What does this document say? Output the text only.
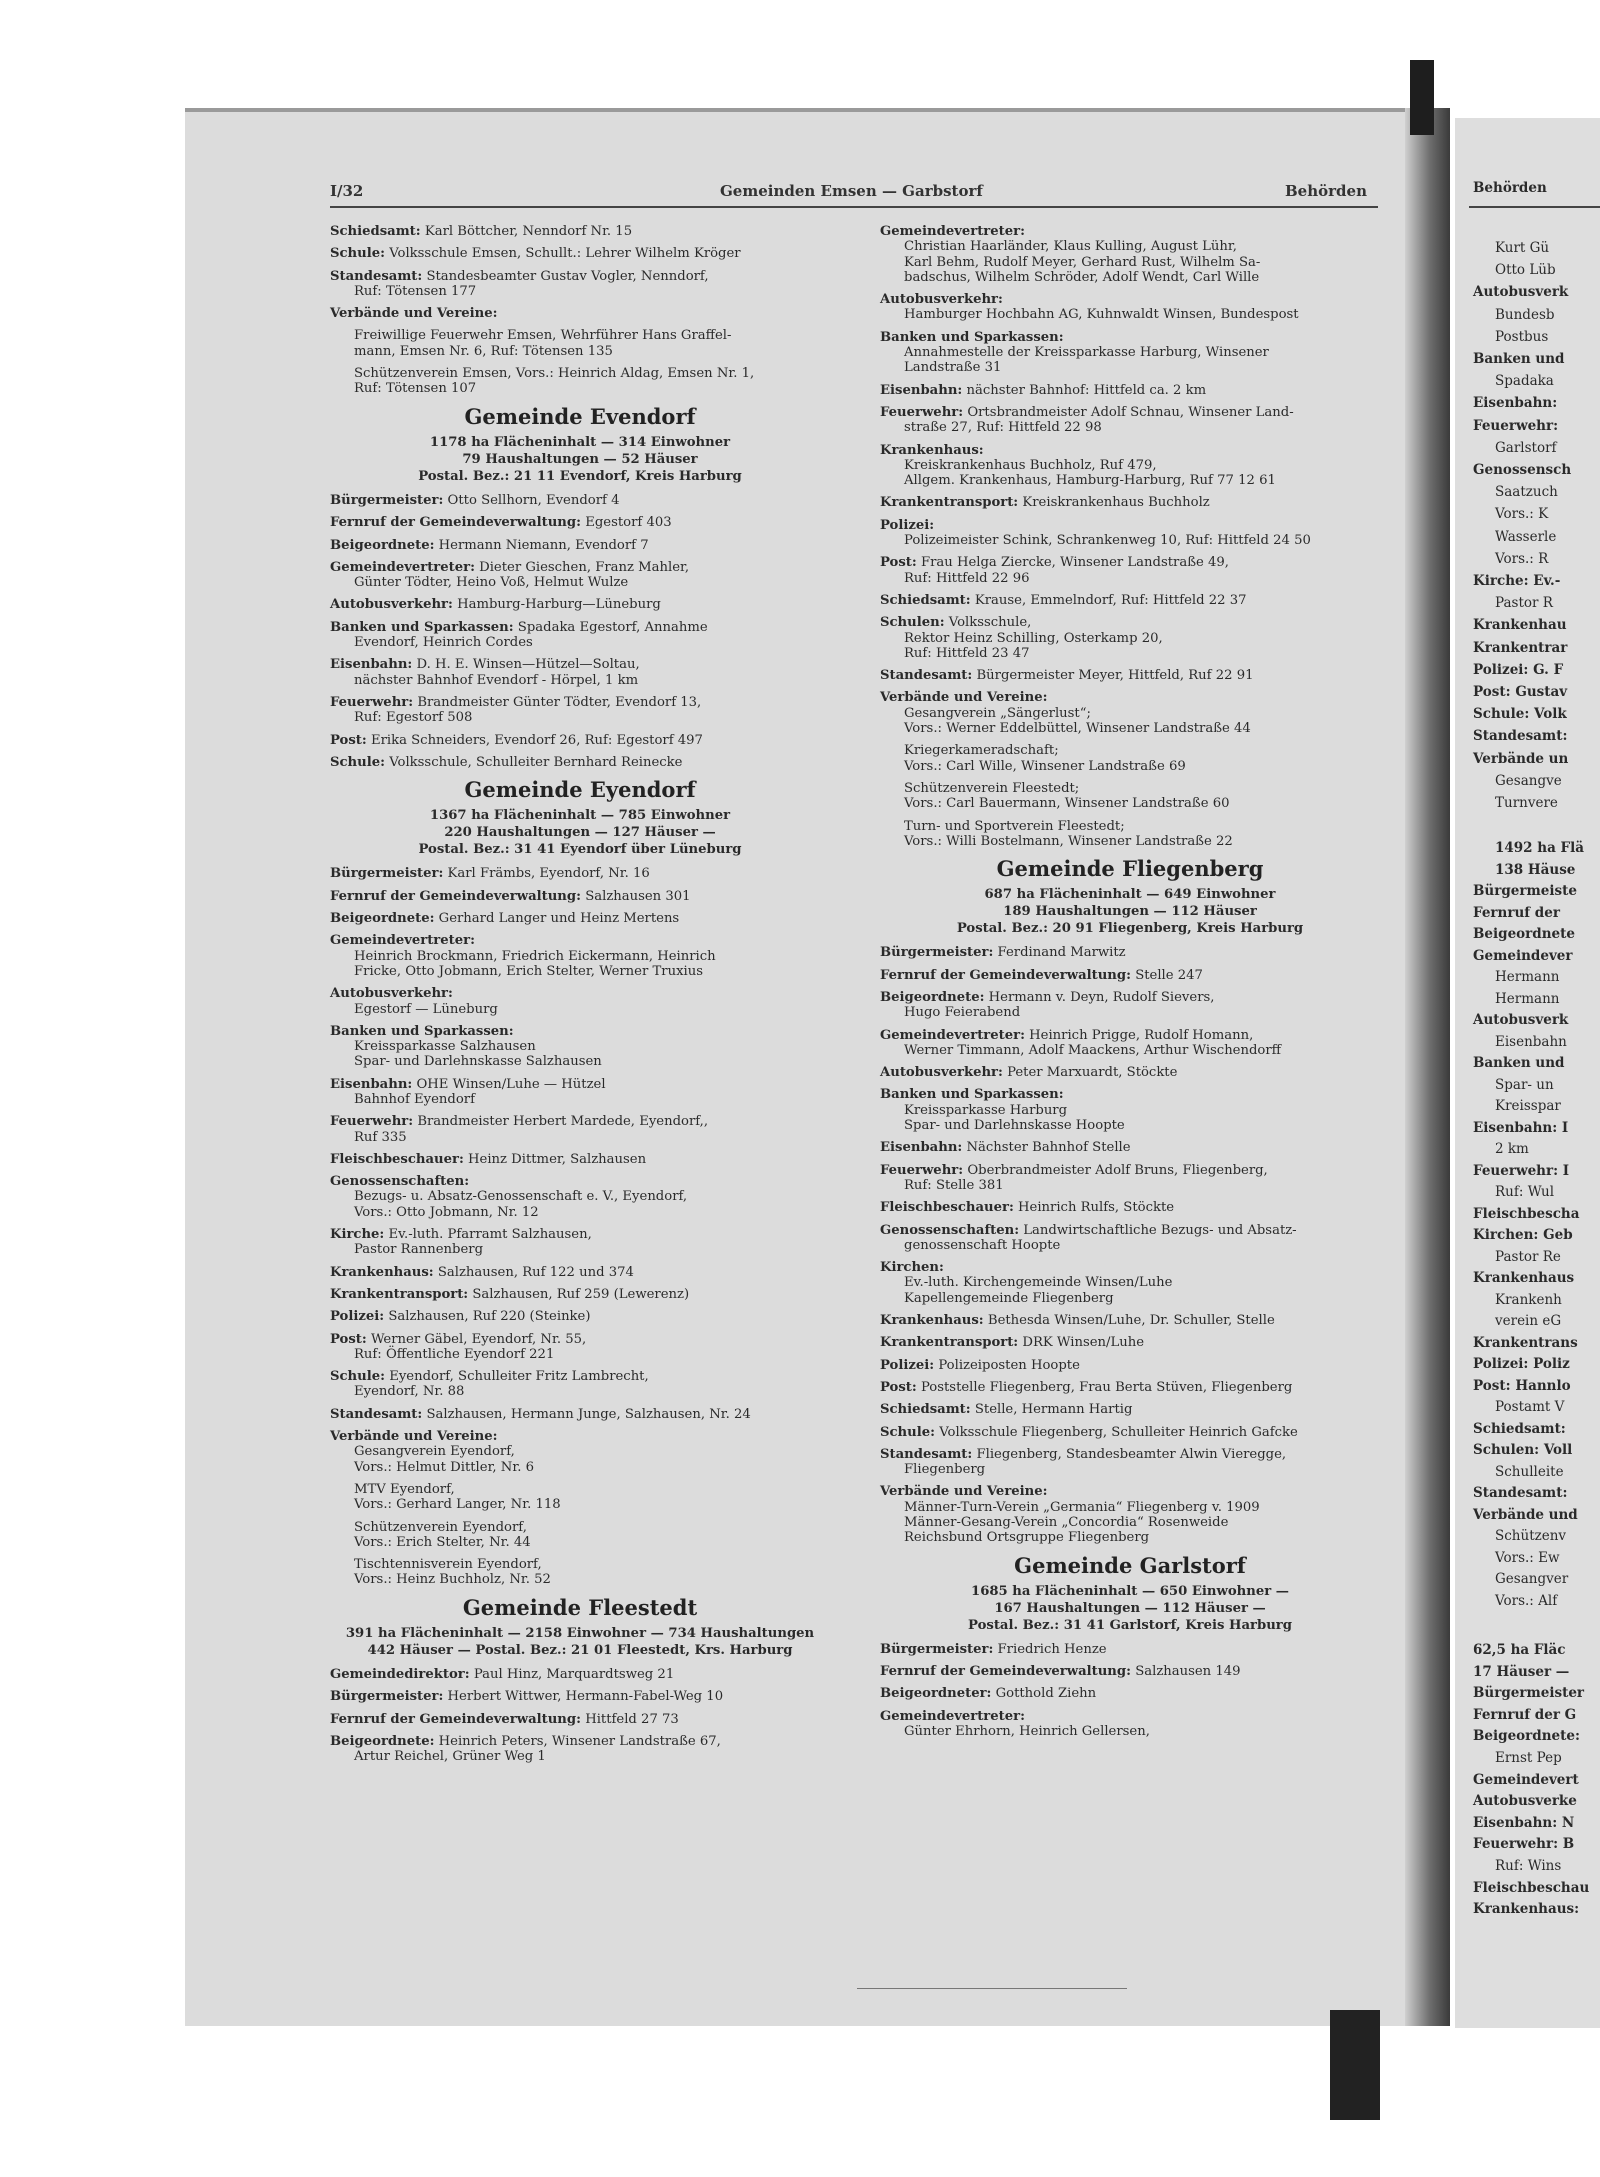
I/32	Gemeinden Emsen — Garbstorf	Behörden
Schiedsamt: Karl Böttcher, Nenndorf Nr. 15
Schule: Volksschule Emsen, Schullt.: Lehrer Wilhelm Kröger
Standesamt: Standesbeamter Gustav Vogler, Nenndorf,
Ruf: Tötensen 177
Verbände und Vereine:
Freiwillige Feuerwehr Emsen, Wehrführer Hans Graffel-
mann, Emsen Nr. 6, Ruf: Tötensen 135
Schützenverein Emsen, Vors.: Heinrich Aldag, Emsen Nr. 1,
Ruf: Tötensen 107
Gemeinde Evendorf
1178 ha Flächeninhalt — 314 Einwohner
79 Haushaltungen — 52 Häuser
Postal. Bez.: 21 11 Evendorf, Kreis Harburg
Bürgermeister: Otto Sellhorn, Evendorf 4
Fernruf der Gemeindeverwaltung: Egestorf 403
Beigeordnete: Hermann Niemann, Evendorf 7
Gemeindevertreter: Dieter Gieschen, Franz Mahler,
Günter Tödter, Heino Voß, Helmut Wulze
Autobusverkehr: Hamburg-Harburg—Lüneburg
Banken und Sparkassen: Spadaka Egestorf, Annahme
Evendorf, Heinrich Cordes
Eisenbahn: D. H. E. Winsen—Hützel—Soltau,
nächster Bahnhof Evendorf - Hörpel, 1 km
Feuerwehr: Brandmeister Günter Tödter, Evendorf 13,
Ruf: Egestorf 508
Post: Erika Schneiders, Evendorf 26, Ruf: Egestorf 497
Schule: Volksschule, Schulleiter Bernhard Reinecke
Gemeinde Eyendorf
1367 ha Flächeninhalt — 785 Einwohner
220 Haushaltungen — 127 Häuser —
Postal. Bez.: 31 41 Eyendorf über Lüneburg
Bürgermeister: Karl Främbs, Eyendorf, Nr. 16
Fernruf der Gemeindeverwaltung: Salzhausen 301
Beigeordnete: Gerhard Langer und Heinz Mertens
Gemeindevertreter:
Heinrich Brockmann, Friedrich Eickermann, Heinrich
Fricke, Otto Jobmann, Erich Stelter, Werner Truxius
Autobusverkehr:
Egestorf — Lüneburg
Banken und Sparkassen:
Kreissparkasse Salzhausen
Spar- und Darlehnskasse Salzhausen
Eisenbahn: OHE Winsen/Luhe — Hützel
Bahnhof Eyendorf
Feuerwehr: Brandmeister Herbert Mardede, Eyendorf,,
Ruf 335
Fleischbeschauer: Heinz Dittmer, Salzhausen
Genossenschaften:
Bezugs- u. Absatz-Genossenschaft e. V., Eyendorf,
Vors.: Otto Jobmann, Nr. 12
Kirche: Ev.-luth. Pfarramt Salzhausen,
Pastor Rannenberg
Krankenhaus: Salzhausen, Ruf 122 und 374
Krankentransport: Salzhausen, Ruf 259 (Lewerenz)
Polizei: Salzhausen, Ruf 220 (Steinke)
Post: Werner Gäbel, Eyendorf, Nr. 55,
Ruf: Öffentliche Eyendorf 221
Schule: Eyendorf, Schulleiter Fritz Lambrecht,
Eyendorf, Nr. 88
Standesamt: Salzhausen, Hermann Junge, Salzhausen, Nr. 24
Verbände und Vereine:
Gesangverein Eyendorf,
Vors.: Helmut Dittler, Nr. 6
MTV Eyendorf,
Vors.: Gerhard Langer, Nr. 118
Schützenverein Eyendorf,
Vors.: Erich Stelter, Nr. 44
Tischtennisverein Eyendorf,
Vors.: Heinz Buchholz, Nr. 52
Gemeinde Fleestedt
391 ha Flächeninhalt — 2158 Einwohner — 734 Haushaltungen
442 Häuser — Postal. Bez.: 21 01 Fleestedt, Krs. Harburg
Gemeindedirektor: Paul Hinz, Marquardtsweg 21
Bürgermeister: Herbert Wittwer, Hermann-Fabel-Weg 10
Fernruf der Gemeindeverwaltung: Hittfeld 27 73
Beigeordnete: Heinrich Peters, Winsener Landstraße 67,
Artur Reichel, Grüner Weg 1
Gemeindevertreter:
Christian Haarländer, Klaus Kulling, August Lühr,
Karl Behm, Rudolf Meyer, Gerhard Rust, Wilhelm Sa-
badschus, Wilhelm Schröder, Adolf Wendt, Carl Wille
Autobusverkehr:
Hamburger Hochbahn AG, Kuhnwaldt Winsen, Bundespost
Banken und Sparkassen:
Annahmestelle der Kreissparkasse Harburg, Winsener
Landstraße 31
Eisenbahn: nächster Bahnhof: Hittfeld ca. 2 km
Feuerwehr: Ortsbrandmeister Adolf Schnau, Winsener Land-
straße 27, Ruf: Hittfeld 22 98
Krankenhaus:
Kreiskrankenhaus Buchholz, Ruf 479,
Allgem. Krankenhaus, Hamburg-Harburg, Ruf 77 12 61
Krankentransport: Kreiskrankenhaus Buchholz
Polizei:
Polizeimeister Schink, Schrankenweg 10, Ruf: Hittfeld 24 50
Post: Frau Helga Ziercke, Winsener Landstraße 49,
Ruf: Hittfeld 22 96
Schiedsamt: Krause, Emmelndorf, Ruf: Hittfeld 22 37
Schulen: Volksschule,
Rektor Heinz Schilling, Osterkamp 20,
Ruf: Hittfeld 23 47
Standesamt: Bürgermeister Meyer, Hittfeld, Ruf 22 91
Verbände und Vereine:
Gesangverein „Sängerlust“;
Vors.: Werner Eddelbüttel, Winsener Landstraße 44
Kriegerkameradschaft;
Vors.: Carl Wille, Winsener Landstraße 69
Schützenverein Fleestedt;
Vors.: Carl Bauermann, Winsener Landstraße 60
Turn- und Sportverein Fleestedt;
Vors.: Willi Bostelmann, Winsener Landstraße 22
Gemeinde Fliegenberg
687 ha Flächeninhalt — 649 Einwohner
189 Haushaltungen — 112 Häuser
Postal. Bez.: 20 91 Fliegenberg, Kreis Harburg
Bürgermeister: Ferdinand Marwitz
Fernruf der Gemeindeverwaltung: Stelle 247
Beigeordnete: Hermann v. Deyn, Rudolf Sievers,
Hugo Feierabend
Gemeindevertreter: Heinrich Prigge, Rudolf Homann,
Werner Timmann, Adolf Maackens, Arthur Wischendorff
Autobusverkehr: Peter Marxuardt, Stöckte
Banken und Sparkassen:
Kreissparkasse Harburg
Spar- und Darlehnskasse Hoopte
Eisenbahn: Nächster Bahnhof Stelle
Feuerwehr: Oberbrandmeister Adolf Bruns, Fliegenberg,
Ruf: Stelle 381
Fleischbeschauer: Heinrich Rulfs, Stöckte
Genossenschaften: Landwirtschaftliche Bezugs- und Absatz-
genossenschaft Hoopte
Kirchen:
Ev.-luth. Kirchengemeinde Winsen/Luhe
Kapellengemeinde Fliegenberg
Krankenhaus: Bethesda Winsen/Luhe, Dr. Schuller, Stelle
Krankentransport: DRK Winsen/Luhe
Polizei: Polizeiposten Hoopte
Post: Poststelle Fliegenberg, Frau Berta Stüven, Fliegenberg
Schiedsamt: Stelle, Hermann Hartig
Schule: Volksschule Fliegenberg, Schulleiter Heinrich Gafcke
Standesamt: Fliegenberg, Standesbeamter Alwin Vieregge,
Fliegenberg
Verbände und Vereine:
Männer-Turn-Verein „Germania“ Fliegenberg v. 1909
Männer-Gesang-Verein „Concordia“ Rosenweide
Reichsbund Ortsgruppe Fliegenberg
Gemeinde Garlstorf
1685 ha Flächeninhalt — 650 Einwohner —
167 Haushaltungen — 112 Häuser —
Postal. Bez.: 31 41 Garlstorf, Kreis Harburg
Bürgermeister: Friedrich Henze
Fernruf der Gemeindeverwaltung: Salzhausen 149
Beigeordneter: Gotthold Ziehn
Gemeindevertreter:
Günter Ehrhorn, Heinrich Gellersen,
Behörden
Kurt Gü
Otto Lüb
Autobusverk
Bundesb
Postbus
Banken und
Spadaka
Eisenbahn:
Feuerwehr:
Garlstorf
Genossensch
Saatzuch
Vors.: K
Wasserle
Vors.: R
Kirche: Ev.-
Pastor R
Krankenhau
Krankentrar
Polizei: G. F
Post: Gustav
Schule: Volk
Standesamt:
Verbände un
Gesangve
Turnvere
1492 ha Flä
138 Häuse
Bürgermeiste
Fernruf der
Beigeordnete
Gemeindever
Hermann
Hermann
Autobusverk
Eisenbahn
Banken und
Spar- un
Kreisspar
Eisenbahn: I
2 km
Feuerwehr: I
Ruf: Wul
Fleischbescha
Kirchen: Geb
Pastor Re
Krankenhaus
Krankenh
verein eG
Krankentrans
Polizei: Poliz
Post: Hannlo
Postamt V
Schiedsamt:
Schulen: Voll
Schulleite
Standesamt:
Verbände und
Schützenv
Vors.: Ew
Gesangver
Vors.: Alf
62,5 ha Fläc
17 Häuser —
Bürgermeister
Fernruf der G
Beigeordnete:
Ernst Pep
Gemeindevert
Autobusverke
Eisenbahn: N
Feuerwehr: B
Ruf: Wins
Fleischbeschau
Krankenhaus:
